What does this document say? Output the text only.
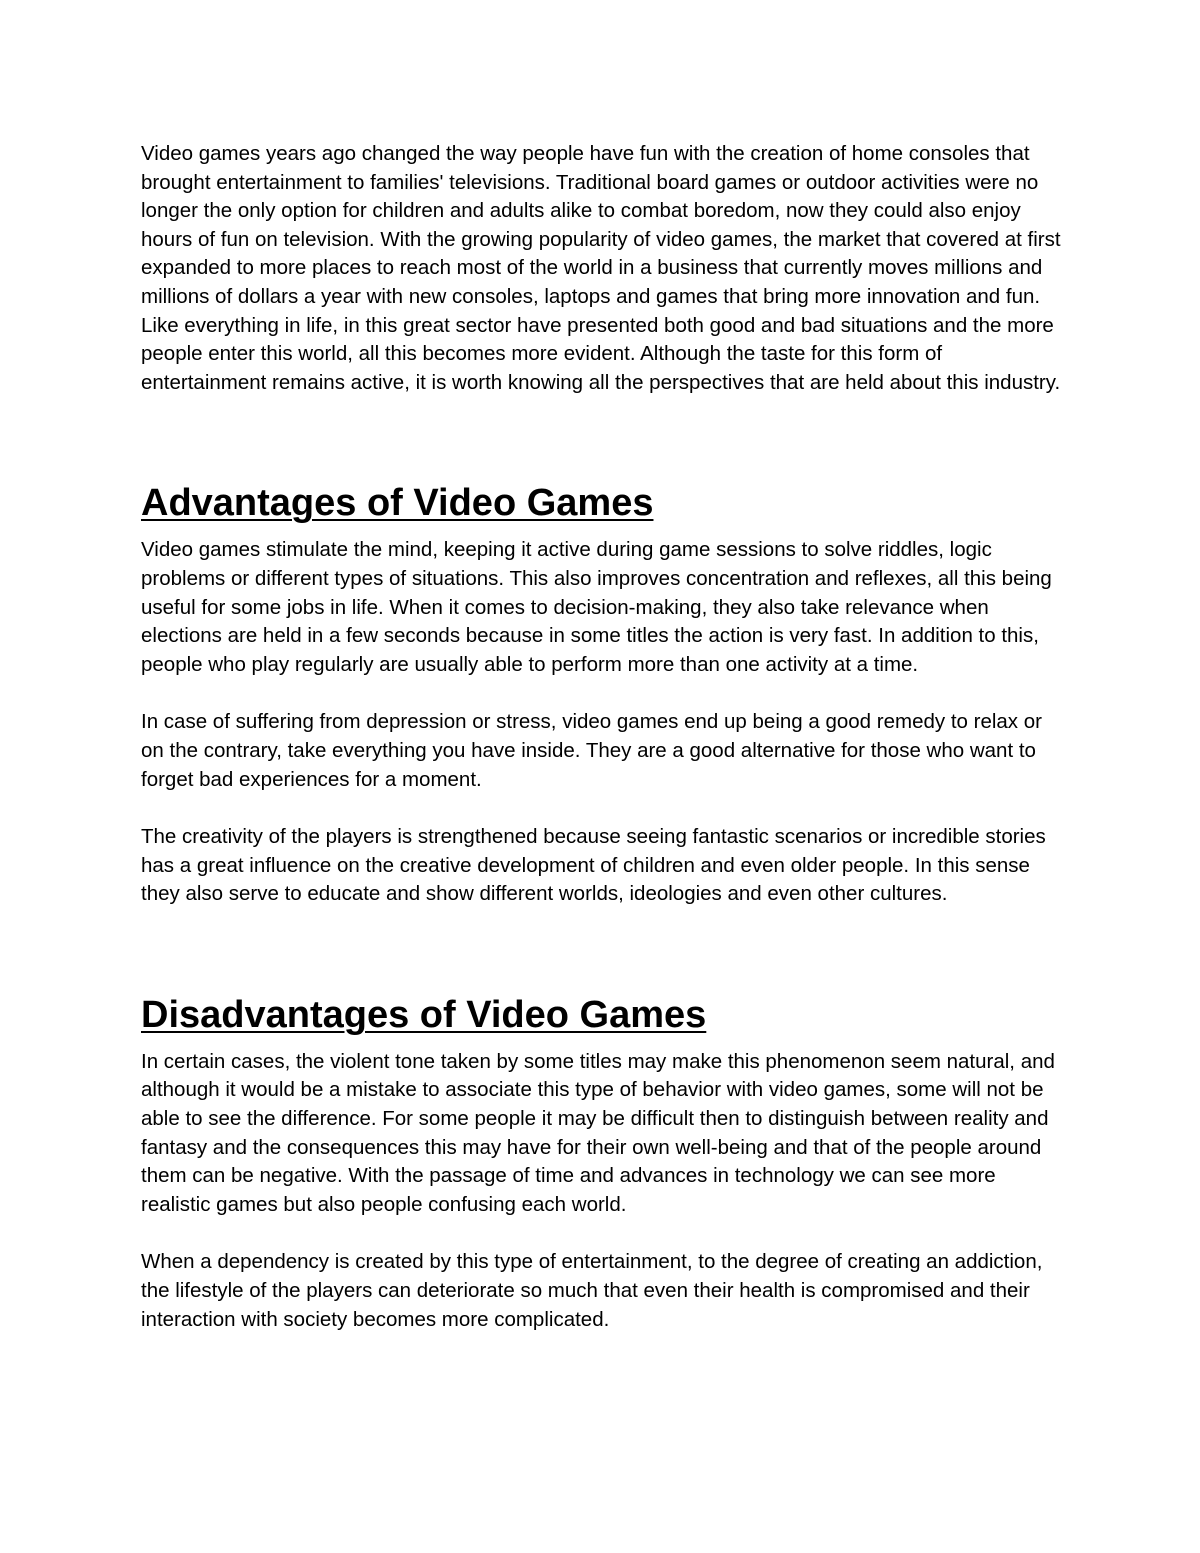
Video games years ago changed the way people have fun with the creation of home consoles that brought entertainment to families' televisions. Traditional board games or outdoor activities were no longer the only option for children and adults alike to combat boredom, now they could also enjoy hours of fun on television. With the growing popularity of video games, the market that covered at first expanded to more places to reach most of the world in a business that currently moves millions and millions of dollars a year with new consoles, laptops and games that bring more innovation and fun. Like everything in life, in this great sector have presented both good and bad situations and the more people enter this world, all this becomes more evident. Although the taste for this form of entertainment remains active, it is worth knowing all the perspectives that are held about this industry.

Advantages of Video Games

Video games stimulate the mind, keeping it active during game sessions to solve riddles, logic problems or different types of situations. This also improves concentration and reflexes, all this being useful for some jobs in life. When it comes to decision-making, they also take relevance when elections are held in a few seconds because in some titles the action is very fast. In addition to this, people who play regularly are usually able to perform more than one activity at a time.

In case of suffering from depression or stress, video games end up being a good remedy to relax or on the contrary, take everything you have inside. They are a good alternative for those who want to forget bad experiences for a moment.

The creativity of the players is strengthened because seeing fantastic scenarios or incredible stories has a great influence on the creative development of children and even older people. In this sense they also serve to educate and show different worlds, ideologies and even other cultures.

Disadvantages of Video Games

In certain cases, the violent tone taken by some titles may make this phenomenon seem natural, and although it would be a mistake to associate this type of behavior with video games, some will not be able to see the difference. For some people it may be difficult then to distinguish between reality and fantasy and the consequences this may have for their own well-being and that of the people around them can be negative. With the passage of time and advances in technology we can see more realistic games but also people confusing each world.

When a dependency is created by this type of entertainment, to the degree of creating an addiction, the lifestyle of the players can deteriorate so much that even their health is compromised and their interaction with society becomes more complicated.
